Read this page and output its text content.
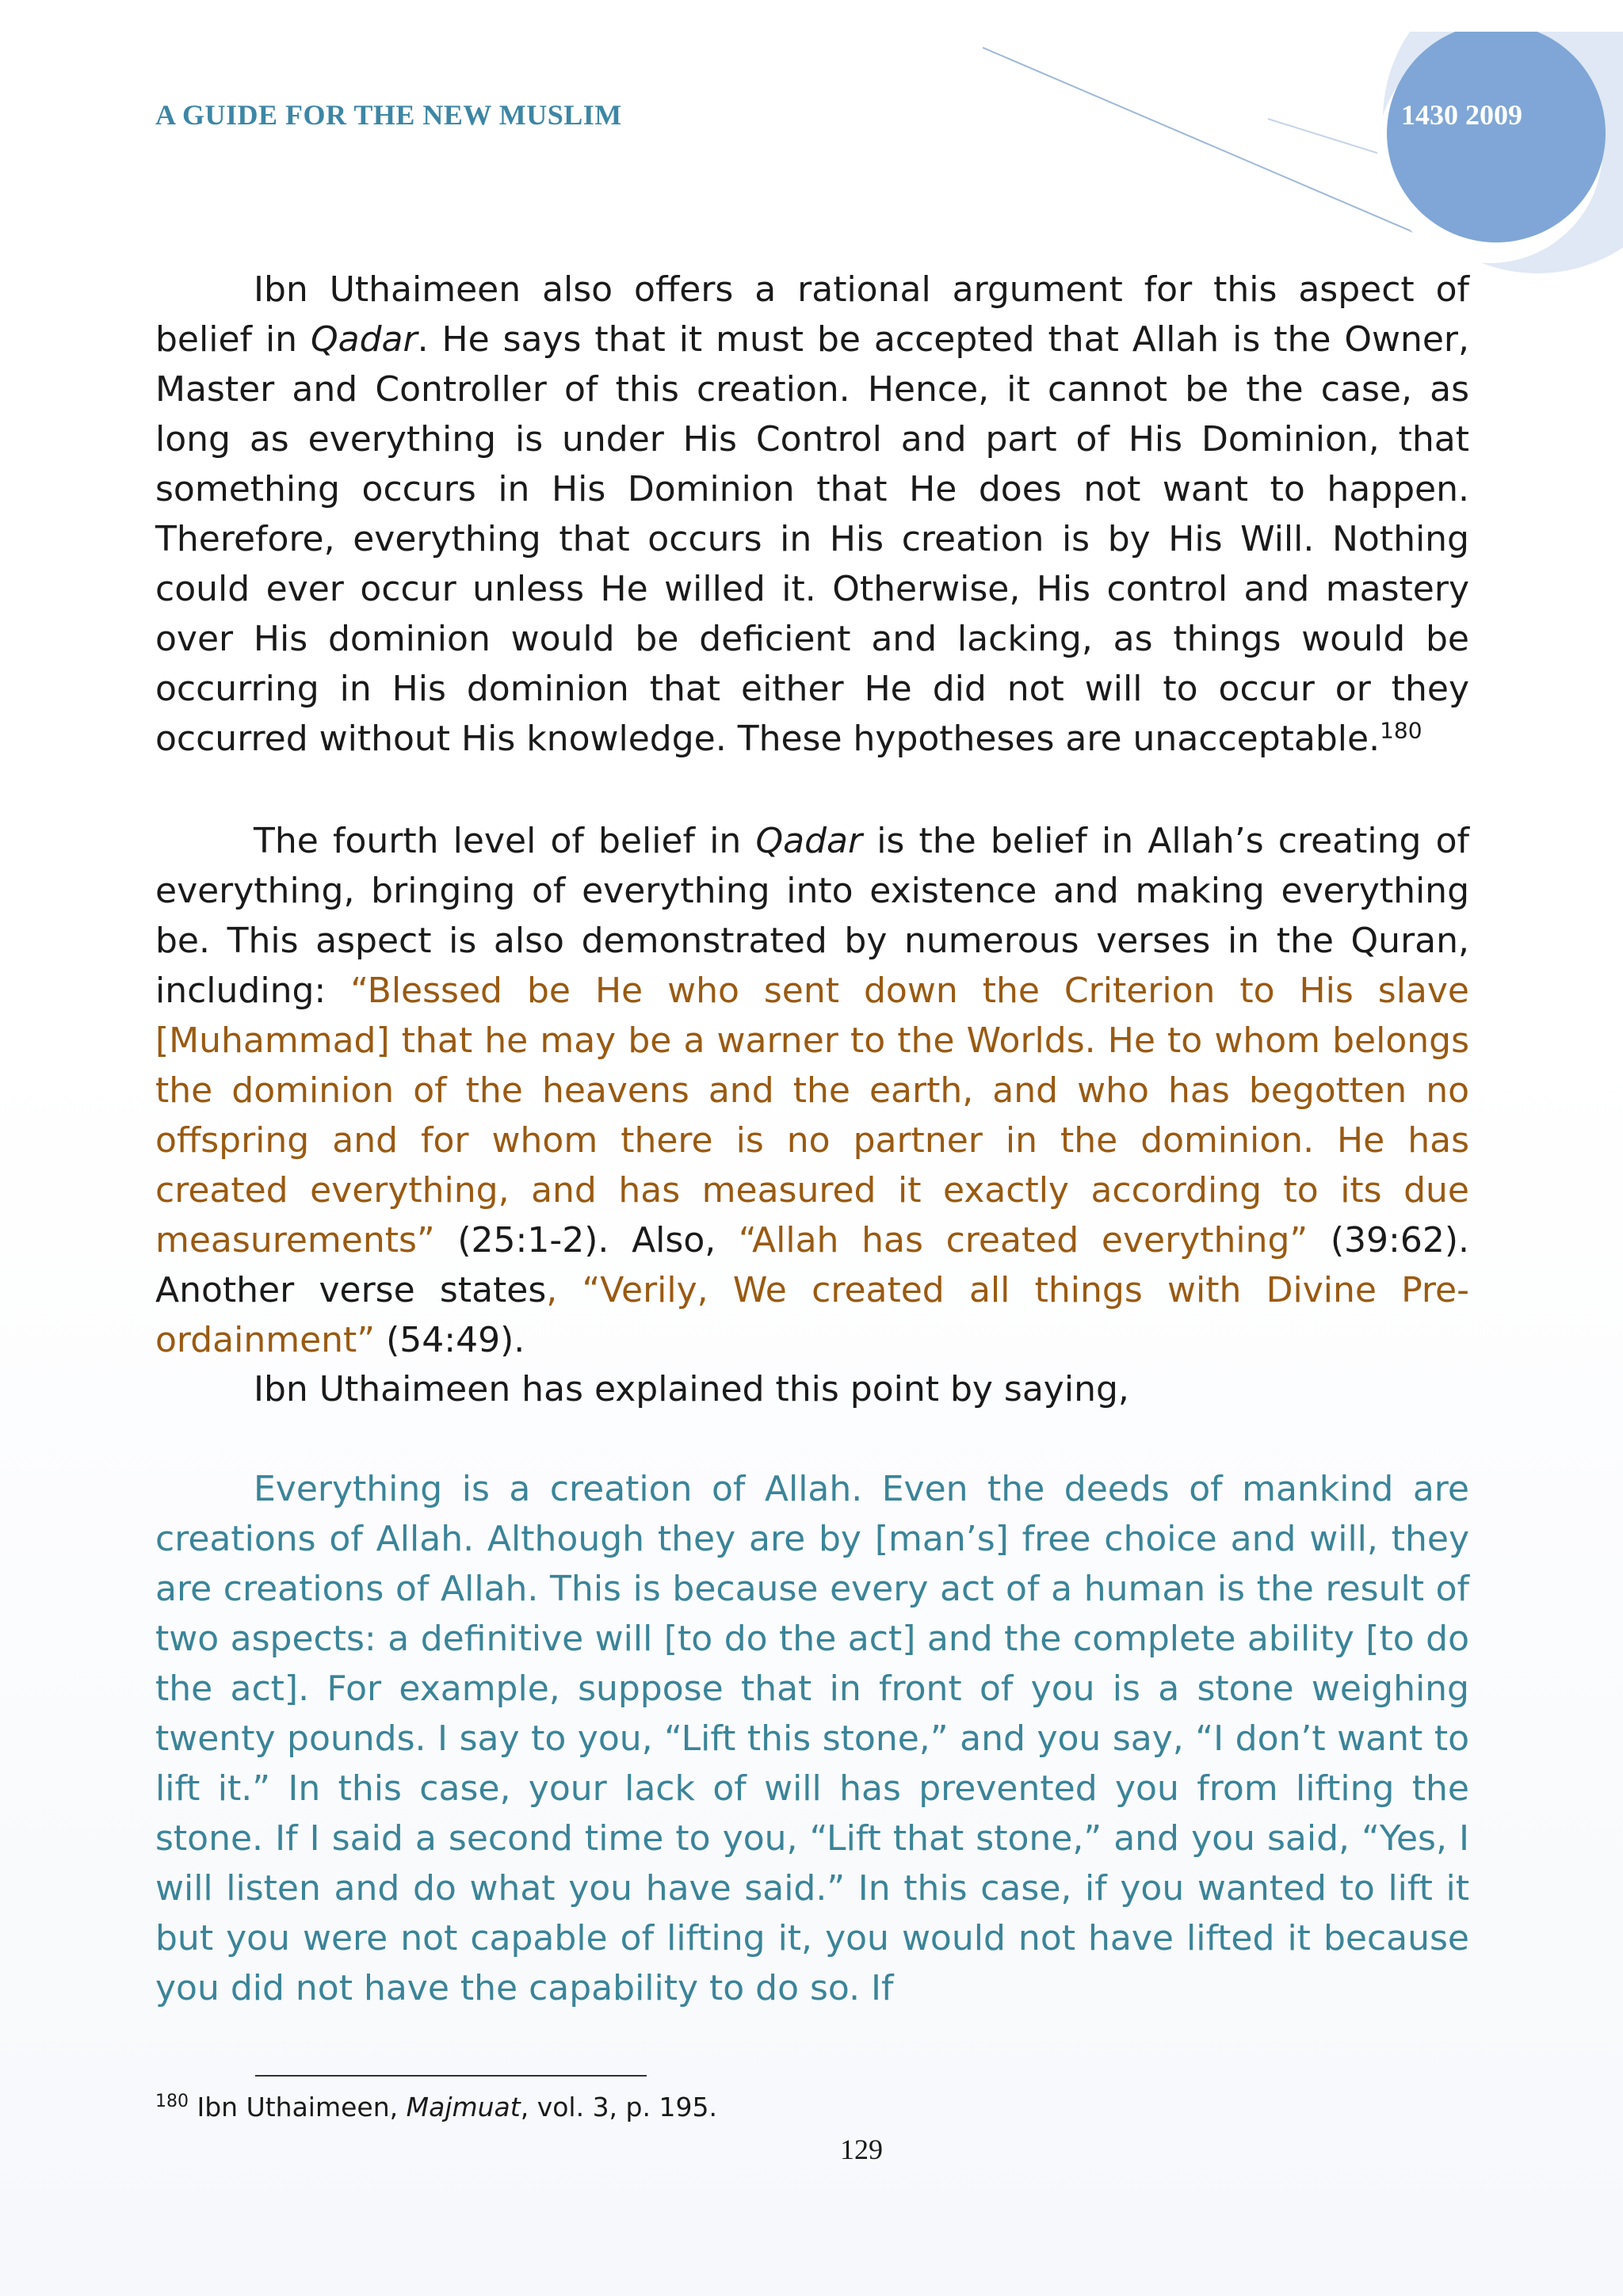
A GUIDE FOR THE NEW MUSLIM	1430 2009

Ibn Uthaimeen also offers a rational argument for this aspect of belief in Qadar. He says that it must be accepted that Allah is the Owner, Master and Controller of this creation. Hence, it cannot be the case, as long as everything is under His Control and part of His Dominion, that something occurs in His Dominion that He does not want to happen. Therefore, everything that occurs in His creation is by His Will. Nothing could ever occur unless He willed it. Otherwise, His control and mastery over His dominion would be deficient and lacking, as things would be occurring in His dominion that either He did not will to occur or they occurred without His knowledge. These hypotheses are unacceptable.$^{180}$

The fourth level of belief in Qadar is the belief in Allah’s creating of everything, bringing of everything into existence and making everything be. This aspect is also demonstrated by numerous verses in the Quran, including: “Blessed be He who sent down the Criterion to His slave [Muhammad] that he may be a warner to the Worlds. He to whom belongs the dominion of the heavens and the earth, and who has begotten no offspring and for whom there is no partner in the dominion. He has created everything, and has measured it exactly according to its due measurements” (25:1-2). Also, “Allah has created everything” (39:62). Another verse states, “Verily, We created all things with Divine Pre-ordainment” (54:49).

Ibn Uthaimeen has explained this point by saying,

Everything is a creation of Allah. Even the deeds of mankind are creations of Allah. Although they are by [man’s] free choice and will, they are creations of Allah. This is because every act of a human is the result of two aspects: a definitive will [to do the act] and the complete ability [to do the act]. For example, suppose that in front of you is a stone weighing twenty pounds. I say to you, “Lift this stone,” and you say, “I don’t want to lift it.” In this case, your lack of will has prevented you from lifting the stone. If I said a second time to you, “Lift that stone,” and you said, “Yes, I will listen and do what you have said.” In this case, if you wanted to lift it but you were not capable of lifting it, you would not have lifted it because you did not have the capability to do so. If

$^{180}$ Ibn Uthaimeen, Majmuat, vol. 3, p. 195.
129
